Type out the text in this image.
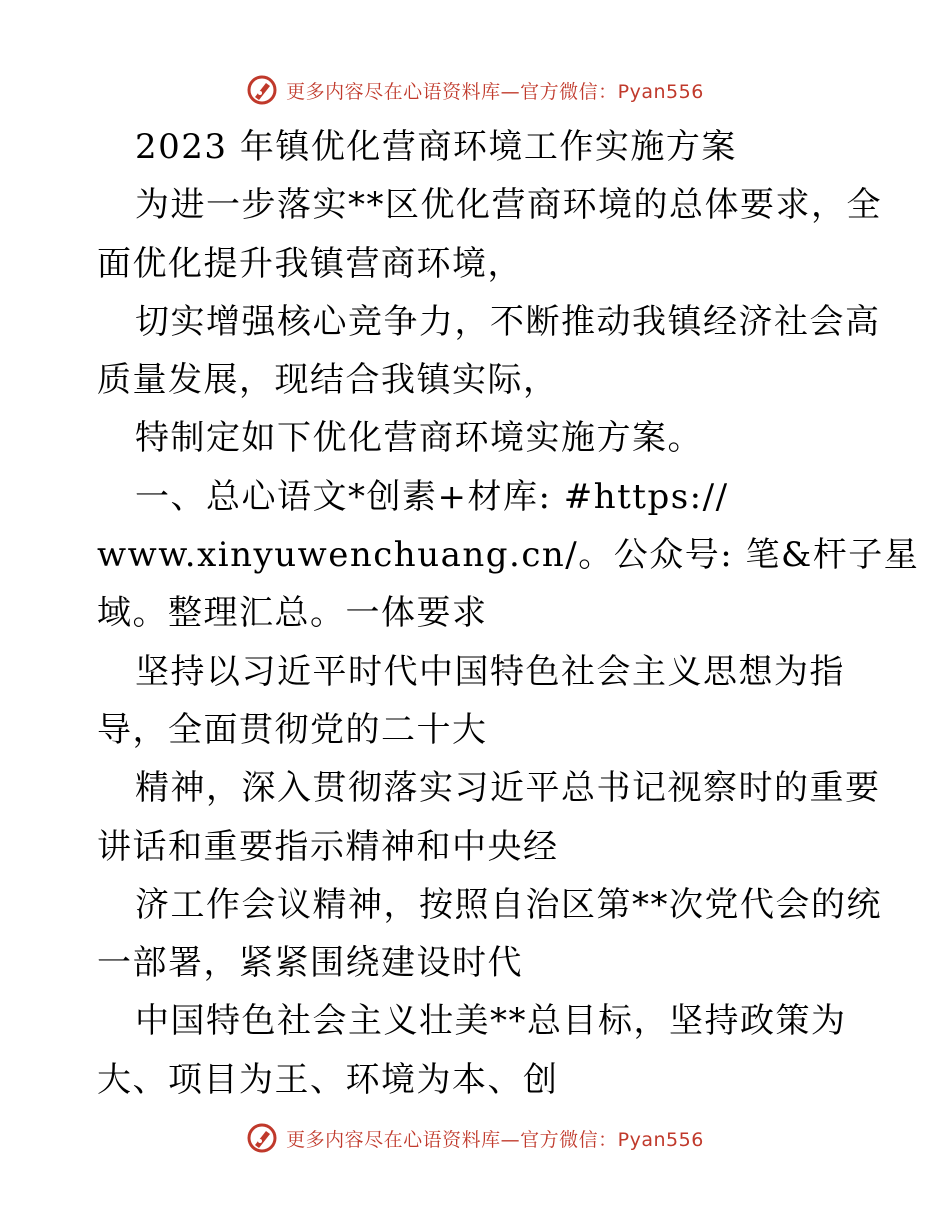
更多内容尽在心语资料库—官方微信：Pyan556
2023 年镇优化营商环境工作实施方案
为进一步落实**区优化营商环境的总体要求，全
面优化提升我镇营商环境，
切实增强核心竞争力，不断推动我镇经济社会高
质量发展，现结合我镇实际，
特制定如下优化营商环境实施方案。
一、总心语文*创素+材库: #https://
www.xinyuwenchuang.cn/。公众号: 笔&杆子星
域。整理汇总。一体要求
坚持以习近平时代中国特色社会主义思想为指
导，全面贯彻党的二十大
精神，深入贯彻落实习近平总书记视察时的重要
讲话和重要指示精神和中央经
济工作会议精神，按照自治区第**次党代会的统
一部署，紧紧围绕建设时代
中国特色社会主义壮美**总目标，坚持政策为
大、项目为王、环境为本、创
更多内容尽在心语资料库—官方微信：Pyan556
